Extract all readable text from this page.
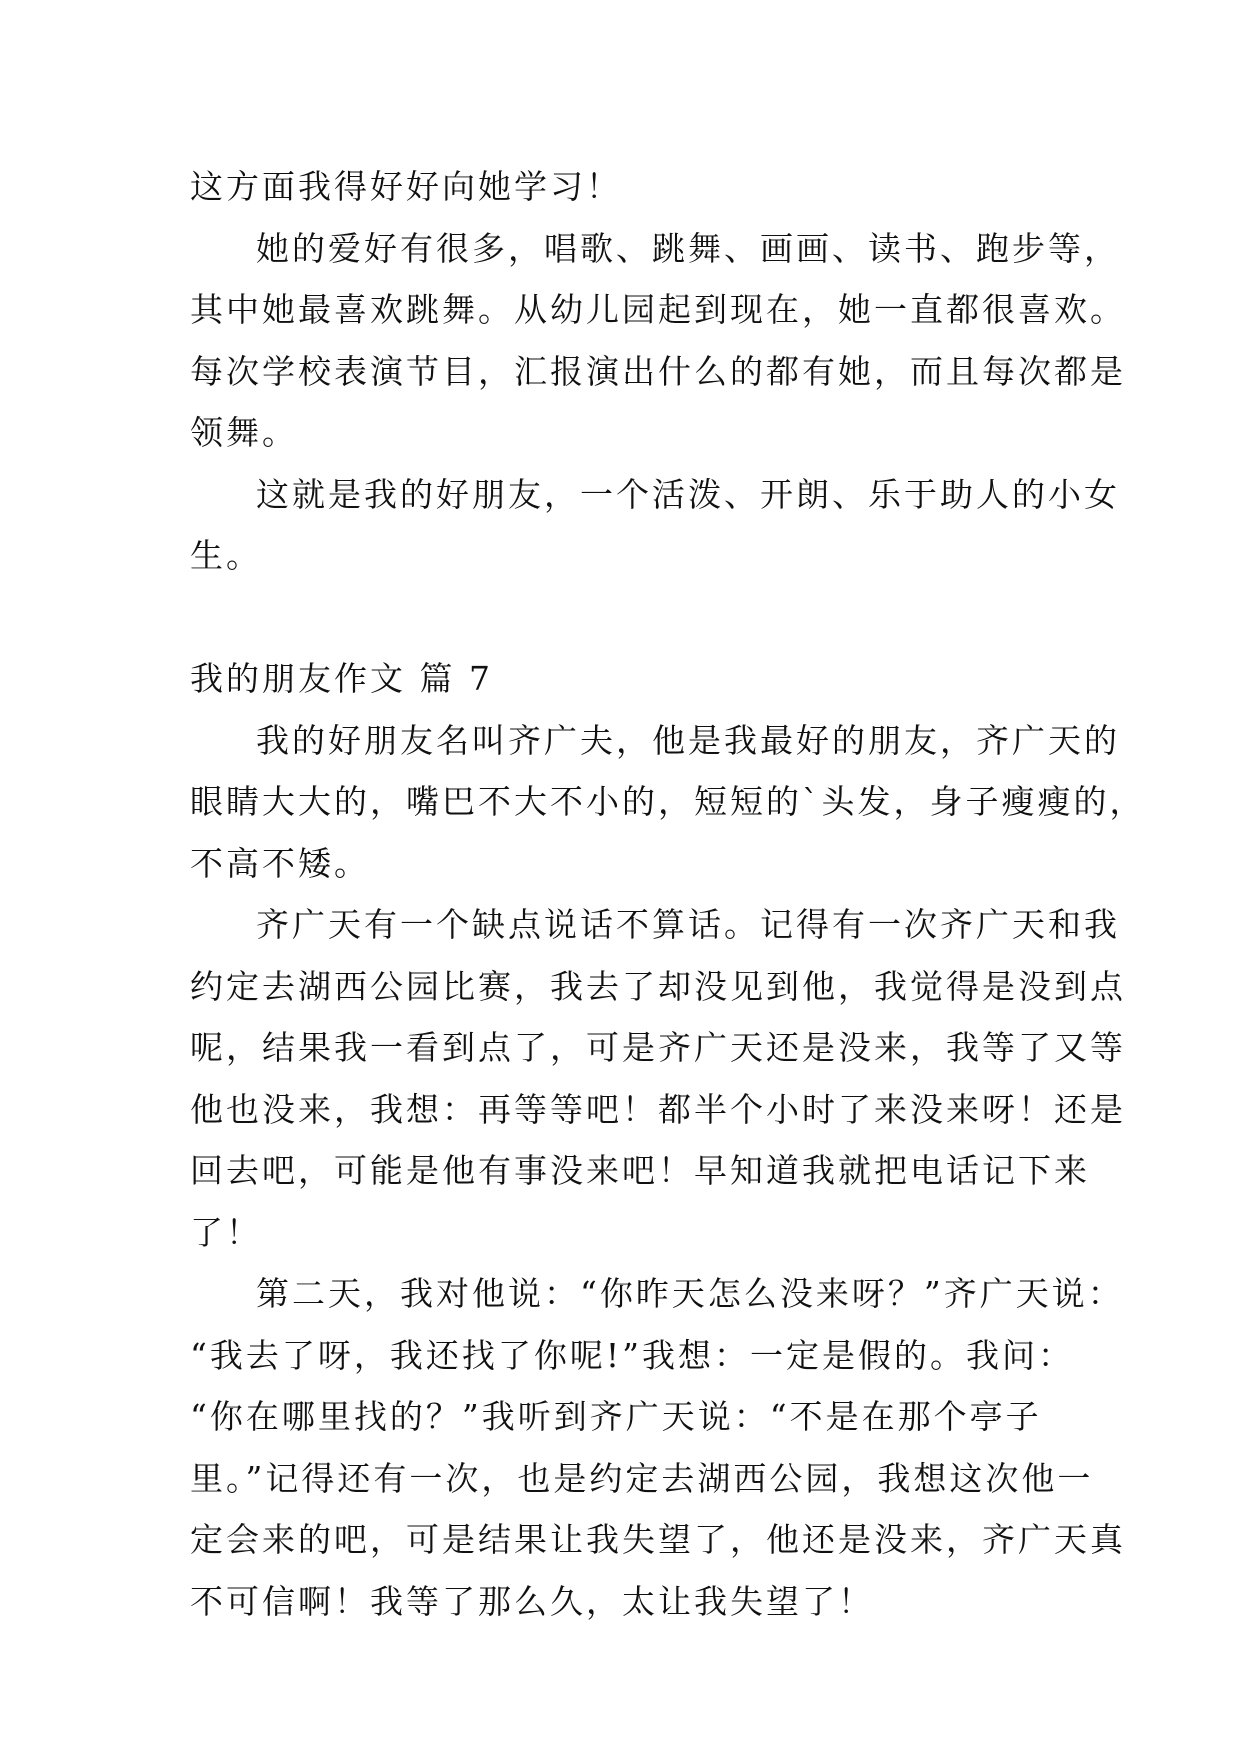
这方面我得好好向她学习！
她的爱好有很多，唱歌、跳舞、画画、读书、跑步等，
其中她最喜欢跳舞。从幼儿园起到现在，她一直都很喜欢。
每次学校表演节目，汇报演出什么的都有她，而且每次都是
领舞。
这就是我的好朋友，一个活泼、开朗、乐于助人的小女
生。
我的朋友作文 篇 7
我的好朋友名叫齐广夫，他是我最好的朋友，齐广天的
眼睛大大的，嘴巴不大不小的，短短的`头发，身子瘦瘦的，
不高不矮。
齐广天有一个缺点说话不算话。记得有一次齐广天和我
约定去湖西公园比赛，我去了却没见到他，我觉得是没到点
呢，结果我一看到点了，可是齐广天还是没来，我等了又等
他也没来，我想：再等等吧！都半个小时了来没来呀！还是
回去吧，可能是他有事没来吧！早知道我就把电话记下来
了！
第二天，我对他说：“你昨天怎么没来呀？”齐广天说：
“我去了呀，我还找了你呢!”我想：一定是假的。我问：
“你在哪里找的？”我听到齐广天说：“不是在那个亭子
里。”记得还有一次，也是约定去湖西公园，我想这次他一
定会来的吧，可是结果让我失望了，他还是没来，齐广天真
不可信啊！我等了那么久，太让我失望了！
